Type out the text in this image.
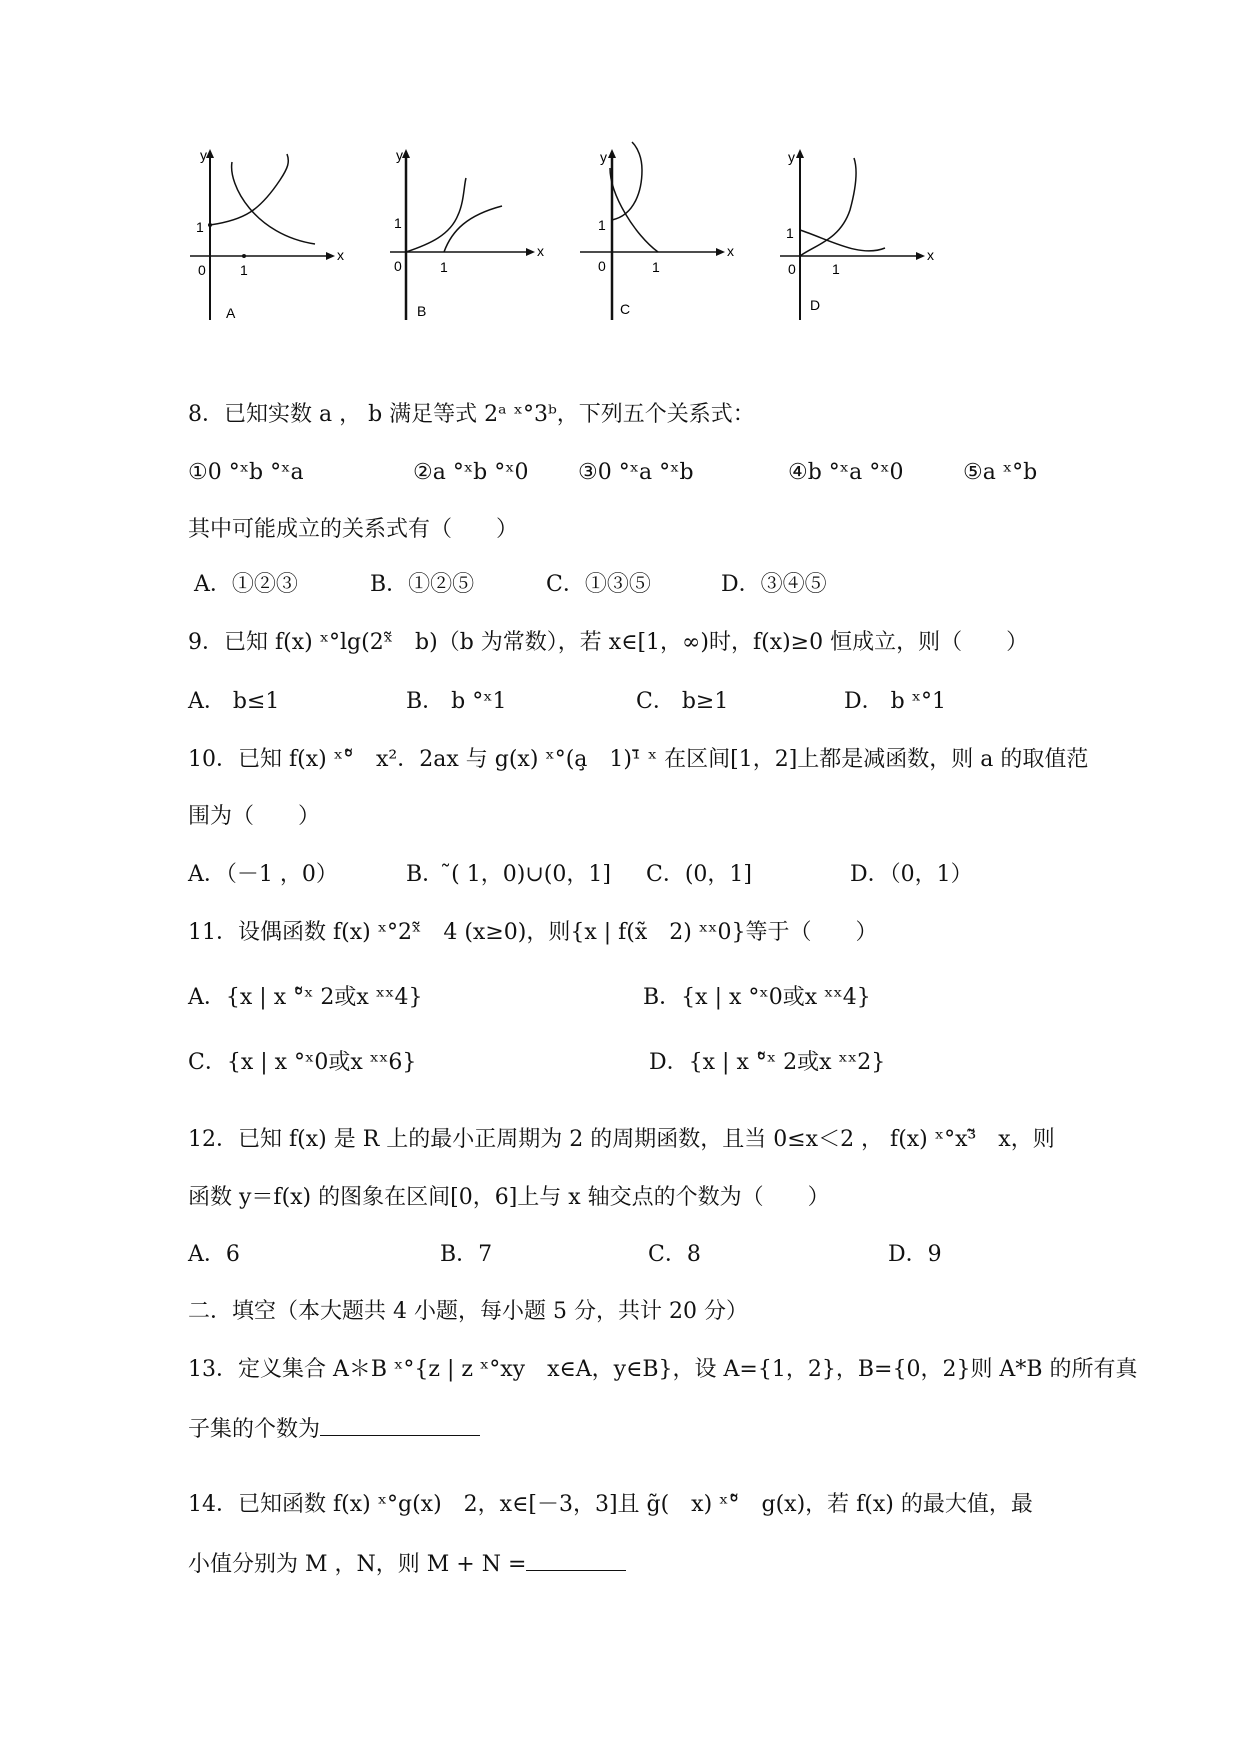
y
x
0 1
1
A
y
x
0	1
1
B
y
x
0	1
1
C
y
x
0	1
1
D
8．已知实数 a ， b 满足等式 2ᵃ ˣ°3ᵇ，下列五个关系式：
①0 °ˣb °ˣa	②a °ˣb °ˣ0 ③0 °ˣa °ˣb	④b °ˣa °ˣ0	⑤a ˣ°b
其中可能成立的关系式有（　　）
A．①②③	B．①②⑤	C．①③⑤	D．③④⑤
9．已知 f(x) ˣ°lg(2ˣ̃　b)（b 为常数），若 x∈[1，∞)时，f(x)≥0 恒成立，则（　　）
A． b≤1	B． b °ˣ1	C． b≥1	D． b ˣ°1
10．已知 f(x) ˣ°̃　x²．2ax 与 g(x) ˣ°(a̧　1)¹̄ ˣ 在区间[1，2]上都是减函数，则 a 的取值范
围为（　　）
A．（－1 ，0）	B． ̃( 1，0)∪(0，1] C．(0，1]	D．（0，1）
11．设偶函数 f(x) ˣ°2ˣ̃　4 (x≥0)，则{x | f(x̃　2) ˣˣ0}等于（　　）
A．{x | x °̃ˣ 2或x ˣˣ4}	B．{x | x °ˣ0或x ˣˣ4}
C．{x | x °ˣ0或x ˣˣ6}	D．{x | x °̃ˣ 2或x ˣˣ2}
12．已知 f(x) 是 R 上的最小正周期为 2 的周期函数，且当 0≤x＜2 ， f(x) ˣ°x³̃　x，则
函数 y＝f(x) 的图象在区间[0，6]上与 x 轴交点的个数为（　　）
A．6	B．7	C．8	D．9
二．填空（本大题共 4 小题，每小题 5 分，共计 20 分）
13．定义集合 A＊B ˣ°{z | z ˣ°xy　x∈A，y∈B}，设 A={1，2}，B={0，2}则 A*B 的所有真
子集的个数为
14．已知函数 f(x) ˣ°g(x)　2，x∈[－3，3]且 g̃(　x) ˣ°̃　g(x)，若 f(x) 的最大值，最
小值分别为 M ，N，则 M + N =
